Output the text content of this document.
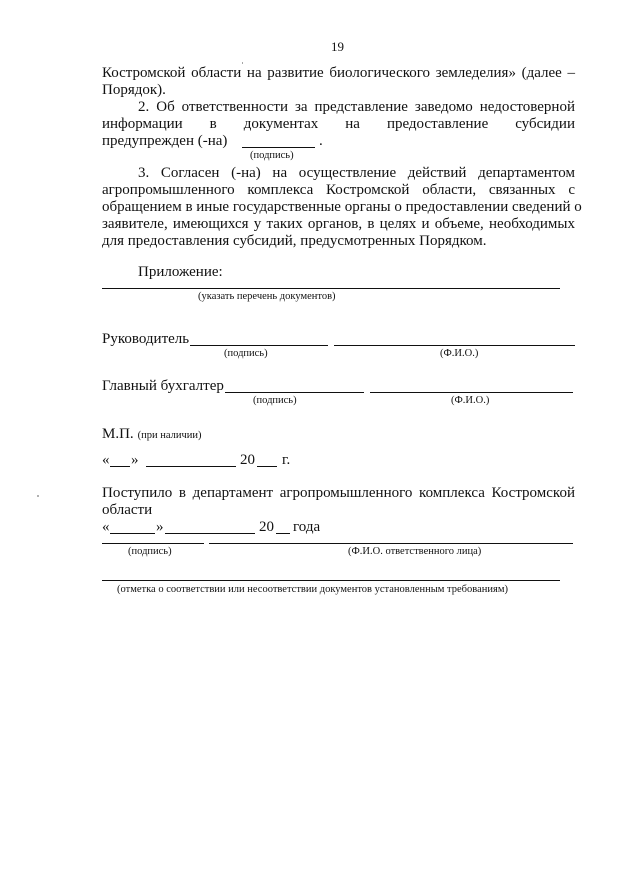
19
Костромской области на развитие биологического земледелия» (далее –
Порядок).
2. Об ответственности за представление заведомо недостоверной
информации в документах на предоставление субсидии
предупрежден (-на)	.
(подпись)
3. Согласен (-на) на осуществление действий департаментом
агропромышленного комплекса Костромской области, связанных с
обращением в иные государственные органы о предоставлении сведений о
заявителе, имеющихся у таких органов, в целях и объеме, необходимых
для предоставления субсидий, предусмотренных Порядком.
Приложение:
(указать перечень документов)
Руководитель
(подпись)	(Ф.И.О.)
Главный бухгалтер
(подпись)	(Ф.И.О.)
М.П. (при наличии)
« »	20 г.
Поступило в департамент агропромышленного комплекса Костромской
области
«	»	20 года
(подпись)	(Ф.И.О. ответственного лица)
(отметка о соответствии или несоответствии документов установленным требованиям)
